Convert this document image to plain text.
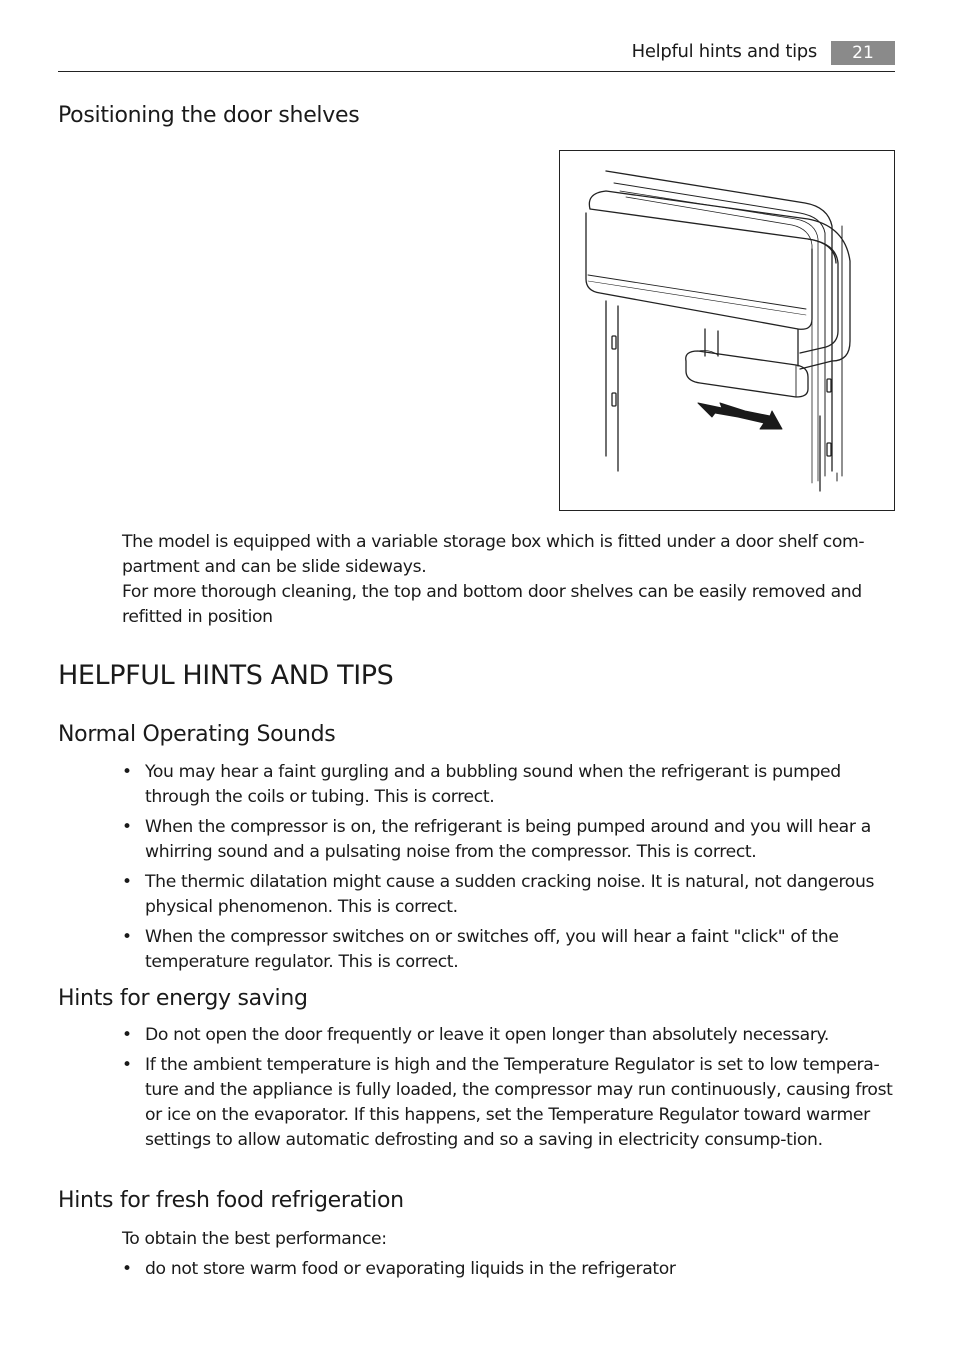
Helpful hints and tips	21
Positioning the door shelves

The model is equipped with a variable storage box which is fitted under a door shelf com-partment and can be slide sideways.

For more thorough cleaning, the top and bottom door shelves can be easily removed and refitted in position

HELPFUL HINTS AND TIPS
Normal Operating Sounds
• You may hear a faint gurgling and a bubbling sound when the refrigerant is pumped through the coils or tubing. This is correct.
• When the compressor is on, the refrigerant is being pumped around and you will hear a whirring sound and a pulsating noise from the compressor. This is correct.
• The thermic dilatation might cause a sudden cracking noise. It is natural, not dangerous physical phenomenon. This is correct.
• When the compressor switches on or switches off, you will hear a faint "click" of the temperature regulator. This is correct.
Hints for energy saving
• Do not open the door frequently or leave it open longer than absolutely necessary.
• If the ambient temperature is high and the Temperature Regulator is set to low tempera-ture and the appliance is fully loaded, the compressor may run continuously, causing frost or ice on the evaporator. If this happens, set the Temperature Regulator toward warmer settings to allow automatic defrosting and so a saving in electricity consump-tion.
Hints for fresh food refrigeration

To obtain the best performance:

• do not store warm food or evaporating liquids in the refrigerator
